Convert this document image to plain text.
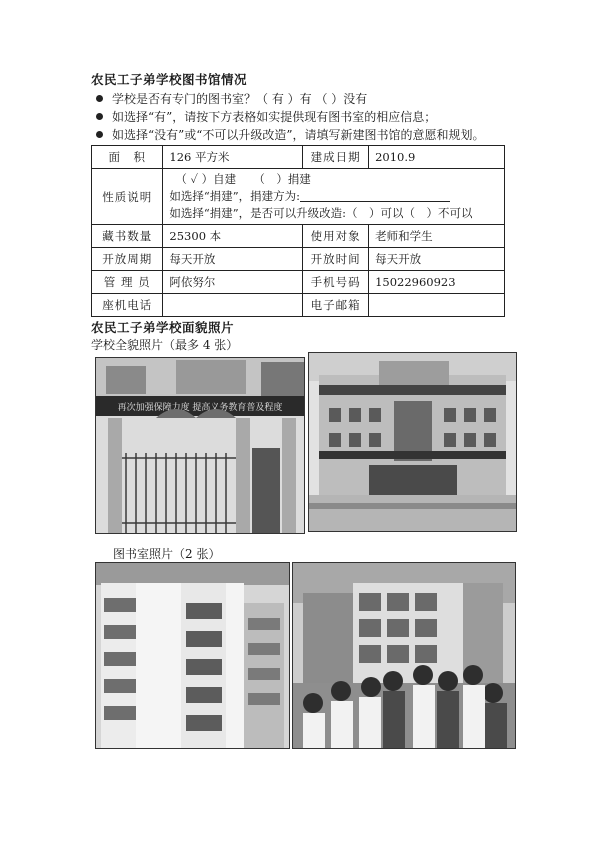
农民工子弟学校图书馆情况
学校是否有专门的图书室？（ 有 ）有 （ ）没有
如选择“有”，请按下方表格如实提供现有图书室的相应信息；
如选择“没有”或“不可以升级改造”，请填写新建图书馆的意愿和规划。
面　积	126 平方米	建成日期	2010.9
性质说明	（ ✓ ）自建　　（　）捐建
如选择“捐建”，捐建方为:
如选择“捐建”，是否可以升级改造:（　）可以（　）不可以		

藏书数量	25300 本	使用对象	老师和学生
开放周期	每天开放	开放时间	每天开放
管 理 员	阿依努尔	手机号码	15022960923
座机电话		电子邮箱	
农民工子弟学校面貌照片
学校全貌照片（最多 4 张）
再次加强保障力度 提高义务教育普及程度
图书室照片（2 张）
